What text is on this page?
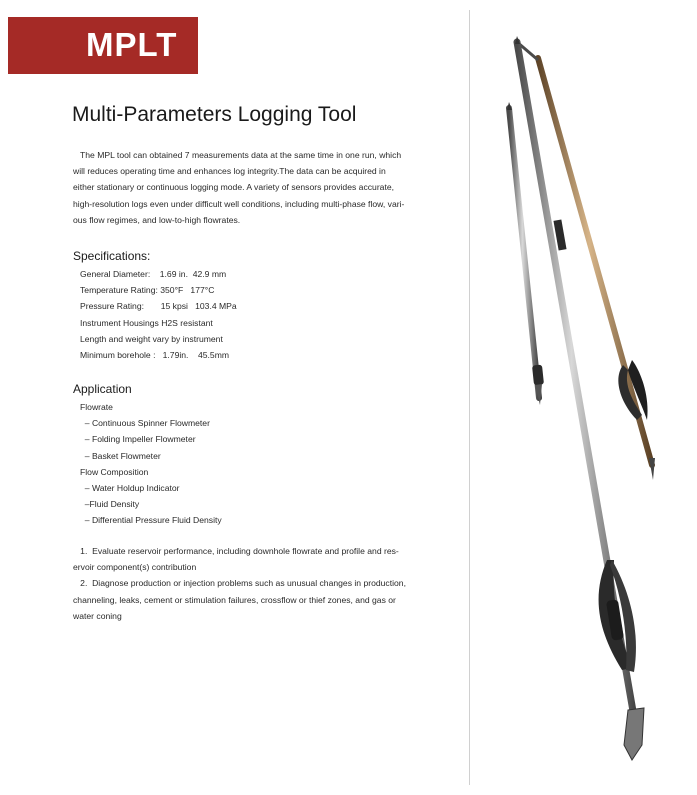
MPLT
Multi-Parameters Logging Tool
The MPL tool can obtained 7 measurements data at the same time in one run, which
will reduces operating time and enhances log integrity.The data can be acquired in
either stationary or continuous logging mode. A variety of sensors provides accurate,
high-resolution logs even under difficult well conditions, including multi-phase flow, vari-
ous flow regimes, and low-to-high flowrates.
Specifications:
General Diameter:    1.69 in.  42.9 mm
Temperature Rating: 350°F   177°C
Pressure Rating:       15 kpsi   103.4 MPa
Instrument Housings H2S resistant
Length and weight vary by instrument
Minimum borehole :   1.79in.    45.5mm
Application
Flowrate
– Continuous Spinner Flowmeter
– Folding Impeller Flowmeter
– Basket Flowmeter
Flow Composition
– Water Holdup Indicator
–Fluid Density
– Differential Pressure Fluid Density
1.  Evaluate reservoir performance, including downhole flowrate and profile and res-
ervoir component(s) contribution
2.  Diagnose production or injection problems such as unusual changes in production,
channeling, leaks, cement or stimulation failures, crossflow or thief zones, and gas or
water coning
